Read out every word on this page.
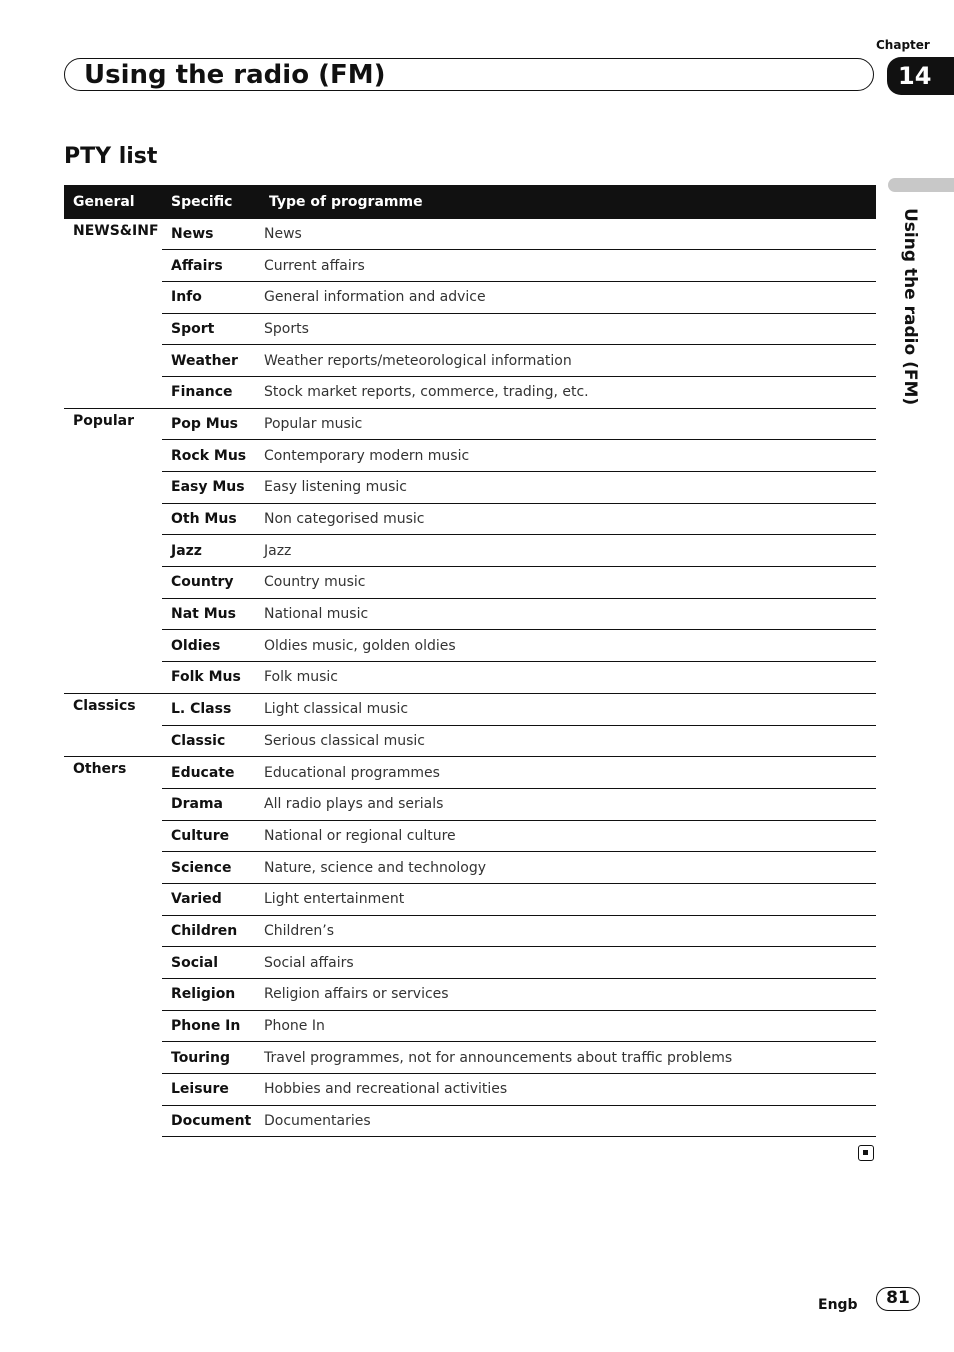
Chapter
Using the radio (FM)	14
Using the radio (FM)
PTY list
General	Specific	Type of programme
NEWS&INF	News	News
	Affairs	Current affairs
	Info	General information and advice
	Sport	Sports
	Weather	Weather reports/meteorological information
	Finance	Stock market reports, commerce, trading, etc.
Popular	Pop Mus	Popular music
	Rock Mus	Contemporary modern music
	Easy Mus	Easy listening music
	Oth Mus	Non categorised music
	Jazz	Jazz
	Country	Country music
	Nat Mus	National music
	Oldies	Oldies music, golden oldies
	Folk Mus	Folk music
Classics	L. Class	Light classical music
	Classic	Serious classical music
Others	Educate	Educational programmes
	Drama	All radio plays and serials
	Culture	National or regional culture
	Science	Nature, science and technology
	Varied	Light entertainment
	Children	Children’s
	Social	Social affairs
	Religion	Religion affairs or services
	Phone In	Phone In
	Touring	Travel programmes, not for announcements about traffic problems
	Leisure	Hobbies and recreational activities
	Document	Documentaries
Engb	81
